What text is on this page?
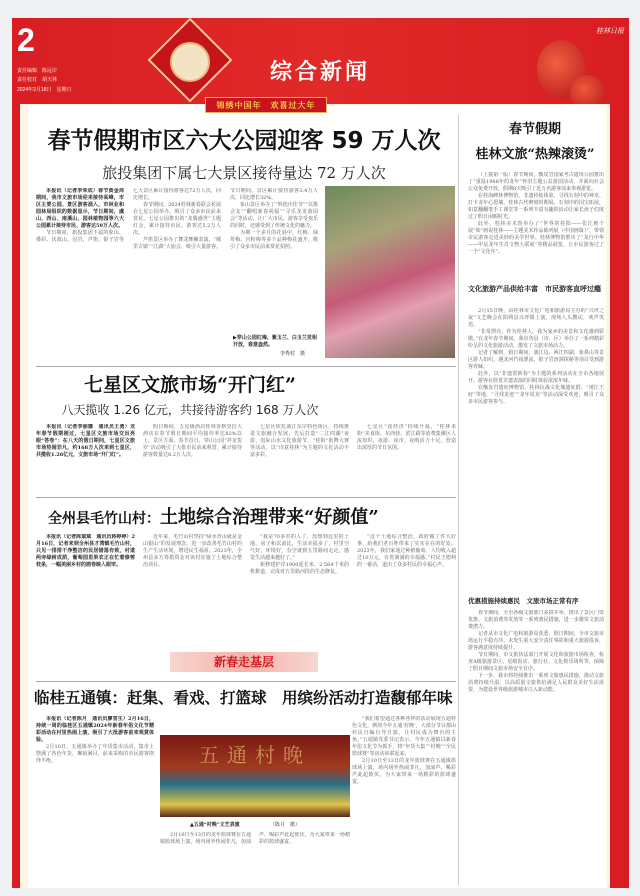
2
责任编辑　陈远岸
责任校对　胡天林
2024年2月18日　星期日
综合新闻
桂林日报
锦绣中国年　欢喜过大年
春节假期市区六大公园迎客 59 万人次
旅投集团下属七大景区接待量达 72 万人次

本报讯（记者李荣成）春节黄金周期间，我市文旅市场迎来接待高峰，市区主要公园、景区游客涌入，市林业和园林局组织的数据显示，节日期间，虞山、西山、南溪山、园林植物园等六大公园累计接待市民、游客达59万人次。

节日期间，旅投集团下属的象山、叠彩、伏波山、冠岩、芦笛、银子岩等七大景区累计接待游客达72万人次，同比增长。

春节期间，2024桂林新春联会花展在七星公园举办，吸引了众多市民前来赏花。七星公园推出的“龙腾盛世”主题灯会，累计接待市民、游客达5.2万人次。

芦笛景区举办了舞龙舞狮表演、“城里古镇”“江湖”大庙会，吸引大量游客。节日期间，景区累计接待游客3.4万人次，同比增长32%。

象山景区举办了“辉煌庆佳节”“以歌会友”“翻唱新春祝福”“寻乐龙龙游园会”等活动，让广大市民、游客享受欢乐的同时，还感受到了传统文化的魅力。

为期一个多月的花展中，红梅、绿萼梅、宫粉梅等多个品种梅花盛开，吸引了众多市民前来赏花拍照。

▶穿山公园红梅、紫玉兰、白玉兰竞相开放，春意盎然。
李秀村　摄
七星区文旅市场“开门红”
八天揽收 1.26 亿元，共接待游客约 168 万人次

本报讯（记者李丽娜　通讯员王勇）龙年春节假期刚过，七星区文旅市场交出亮眼“答卷”：在八天的假日期间，七星区文旅市场热闹非凡，约168万人次来到七星区，共揽收1.26亿元，文旅市场“开门红”。

假日期间，五星级酒店桂林香格里拉大酒店在春节假日期间平均接待率达82%以上，景区方面，春节首日，穿山公园“祥龙贺岁”活动吸引了大批市民前来观赏，累计接待游客数量达8.2万人次。

七星区依托漓江东岸特色街区，持续推进文旅融合发展，先后打造“二江四湖”夜游、国际山水文化旅游节、“桂街”街舞大赛等活动，以“诗意桂林”为主题的文化活动丰富多彩。

七星区“夜经济”持续升温，“桂林米粉”美食街、东西巷、滨江路等消费集聚区人流如织，夜游、夜市、夜购活力十足，营造出浓厚的节日氛围。

全州县毛竹山村：土地综合治理带来“好颜值”

本报讯（记者陈斌斌　通讯员蒋婷婷）2月16日，记者来到全州县才湾镇毛竹山村，只见一排排干净整洁的民居错落有致，村道两旁绿树成荫，葡萄园里果农正在忙着修剪枝条，一幅美丽乡村的画卷映入眼帘。

近年来，毛竹山村坚持“绿水青山就是金山银山”的发展理念，进一步改善毛竹山村的生产生活环境，增进民生福祉。2023年，全州县多方筹措资金对该村实施了土地综合整治项目。

“我是70多岁的人了，没想到这里的土地、房子和以前比，生活幸福多了，村里空气好，环境好，有空就到五里路间走走，感觉生活越来越好了。”

新修建护岸1900延长米，2.564千米的机耕道，完成对五里路河段的生态修复。

“这个土地综合整治，政府做了件大好事，给我们老百姓带来了实实在在的好处。2023年，我们家通过种植葡萄，人均收入超过10万元，有着满满的幸福感。”村民王德利的一番话，道出了众多村民的幸福心声。

新春走基层
临桂五通镇：赶集、看戏、打篮球　用缤纷活动打造馥郁年味

本报讯（记者陈月　通讯员廖雪生）2月16日，持续一周的临桂区五通镇2024年新春年俗文化节精彩活动在村里热闹上演，吸引了大批游客前来观赏体验。

2月10日，五通镇举办了年货集市活动，集市上摆满了各色年货，琳琅满目，前来采购的市民游客络绎不绝。

“我们希望通过各种各样的活动展现五通特色文化，例如今年五通‘村晚’，大部分节目都由村民自编自导自演，让村民成为舞台的主角。”五通镇党委书记表示，今年五通镇以新春年俗文化节为抓手，将“年货大集”“村晚”“全民篮球赛”等活动串联起来。

2月10日至13日的龙年篮球赛在五通镇篮球场上演，场内场外热闹非凡，加油声、喝彩声此起彼伏，为大家带来一场精彩的篮球盛宴。

五通村晚
▲五通“村晚”文艺表演	（陈月　摄）

2月10日至13日的龙年篮球赛在五通镇篮球场上演，场内场外热闹非凡，加油声、喝彩声此起彼伏，为大家带来一场精彩的篮球盛宴。

春节假期
桂林文旅“热辣滚烫”

（上接第一版）春节期间，甑皮岩国家考古遗址公园推出了“重温1988年的龙年”怀旧主题公益游园活动，并面向社会公众免费开放，假期8天吸引了近万名游客前来参观游览。

在桂海碑林博物馆，非遗传拓体验、寻找石刻中的神龙、打卡龙年心愿墙，桂林古代碑刻时期展、石刻中的国宝拓展，如意翻翻笔手工课堂等一系列丰富有趣的活动让家长孩子们度过了假日闲暇时光。

此外，桂林美术馆举办了“世界的桂阳——张江画个展”和“画说桂林——主题美术作品陈列展（中国画篇）”，带领市民游客走进美妙的美学世界。桂林博物馆推出了“龙行中华——甲辰龙年生肖文物大联展”等精品展览，让市民游客过了一个“文化年”。

文化旅游产品供给丰富　市民游客直呼过瘾

2月15日晚，由桂林市文化广电和旅游局主办的“兴坪之夜”文艺晚会在阳朔县兴坪镇上演，现场人头攒动，欢声笑语。

“非常漂亮，作为桂林人，我为家乡的美景和文化感到骄傲。”在龙年春节期间，我市各县（市、区）举办了一系列精彩纷呈的文化旅游活动，激发了文旅市场活力。

记者了解到，假日期间，漓江边、两江四湖、象鼻山等景区游人如织，遇龙河竹筏漂流、银子岩溶洞探秘等项目受到游客青睐。

此外，以“非遗贺新春”为主题的系列活动在全市各地展开，游客在欣赏非遗表演的同时体验浓浓年味。

在甑皮岩遗址博物馆、桂林抗战文化城遗址群、“靖江王府”等地，“寻找龙迹”“龙年说龙”等活动深受欢迎，吸引了众多市民游客参与。

优惠措施持续惠民　文旅市场正常有序

春节期间，全市各级文旅部门多措并举，推出了景区门票优惠、文旅消费券发放等一系列惠民措施，进一步激发文旅消费潜力。

记者从市文化广电和旅游局获悉，假日期间，全市文旅市场运行平稳有序，未发生重大安全责任事故和重大旅游投诉，游客满意度持续提升。

节日期间，市文旅执法部门开展文化和旅游市场检查，检查A级旅游景区、星级饭店、旅行社、文化娱乐场所等，保障了假日期间文旅市场安全有序。

下一步，我市将持续推出一系列文旅惠民措施，推动文旅消费持续升温，以高质量文旅供给满足人民群众美好生活需要，为建设世界级旅游城市注入新动能。
